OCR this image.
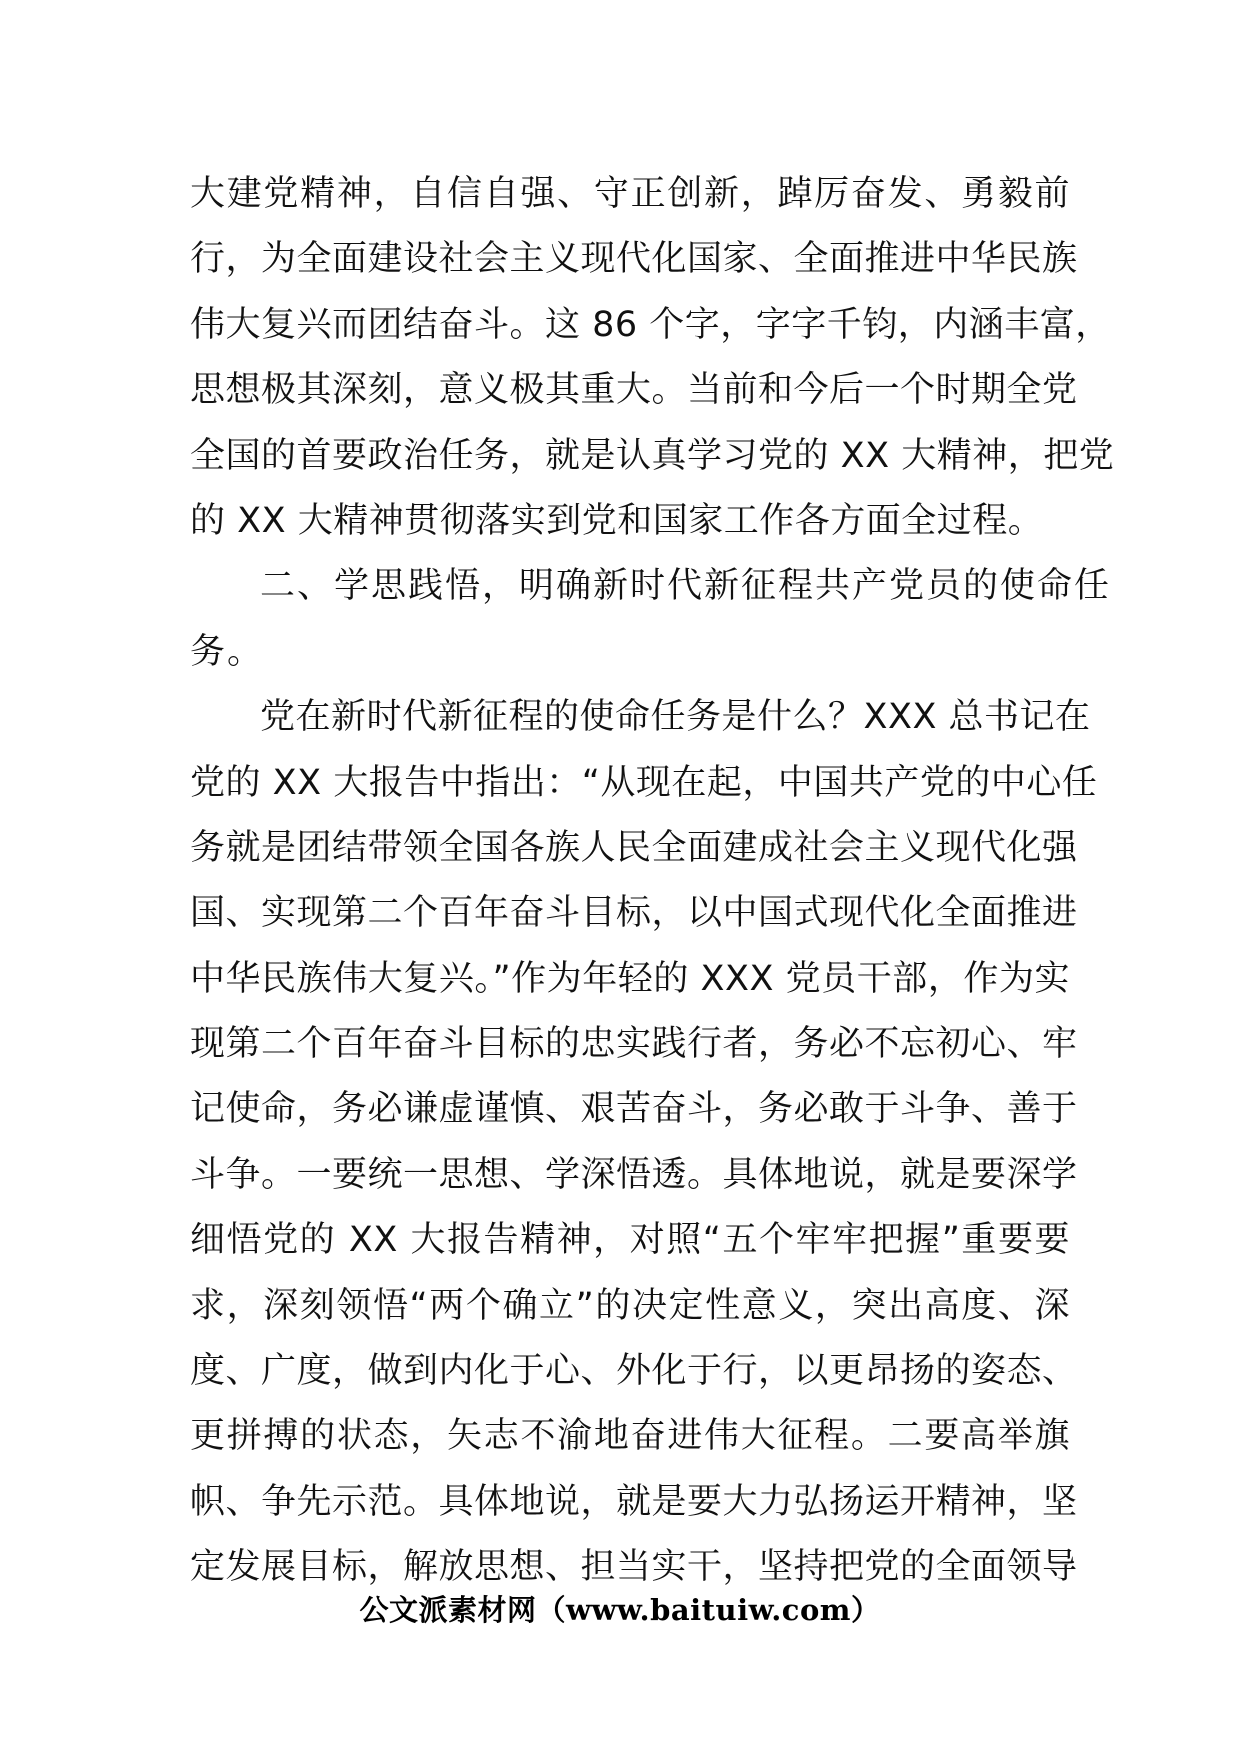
大建党精神，自信自强、守正创新，踔厉奋发、勇毅前
行，为全面建设社会主义现代化国家、全面推进中华民族
伟大复兴而团结奋斗。这 86 个字，字字千钧，内涵丰富，
思想极其深刻，意义极其重大。当前和今后一个时期全党
全国的首要政治任务，就是认真学习党的 XX 大精神，把党
的 XX 大精神贯彻落实到党和国家工作各方面全过程。
二、学思践悟，明确新时代新征程共产党员的使命任
务。
党在新时代新征程的使命任务是什么？XXX 总书记在
党的 XX 大报告中指出：“从现在起，中国共产党的中心任
务就是团结带领全国各族人民全面建成社会主义现代化强
国、实现第二个百年奋斗目标，以中国式现代化全面推进
中华民族伟大复兴。”作为年轻的 XXX 党员干部，作为实
现第二个百年奋斗目标的忠实践行者，务必不忘初心、牢
记使命，务必谦虚谨慎、艰苦奋斗，务必敢于斗争、善于
斗争。一要统一思想、学深悟透。具体地说，就是要深学
细悟党的 XX 大报告精神，对照“五个牢牢把握”重要要
求，深刻领悟“两个确立”的决定性意义，突出高度、深
度、广度，做到内化于心、外化于行，以更昂扬的姿态、
更拼搏的状态，矢志不渝地奋进伟大征程。二要高举旗
帜、争先示范。具体地说，就是要大力弘扬运开精神，坚
定发展目标，解放思想、担当实干，坚持把党的全面领导
公文派素材网（www.baituiw.com）
